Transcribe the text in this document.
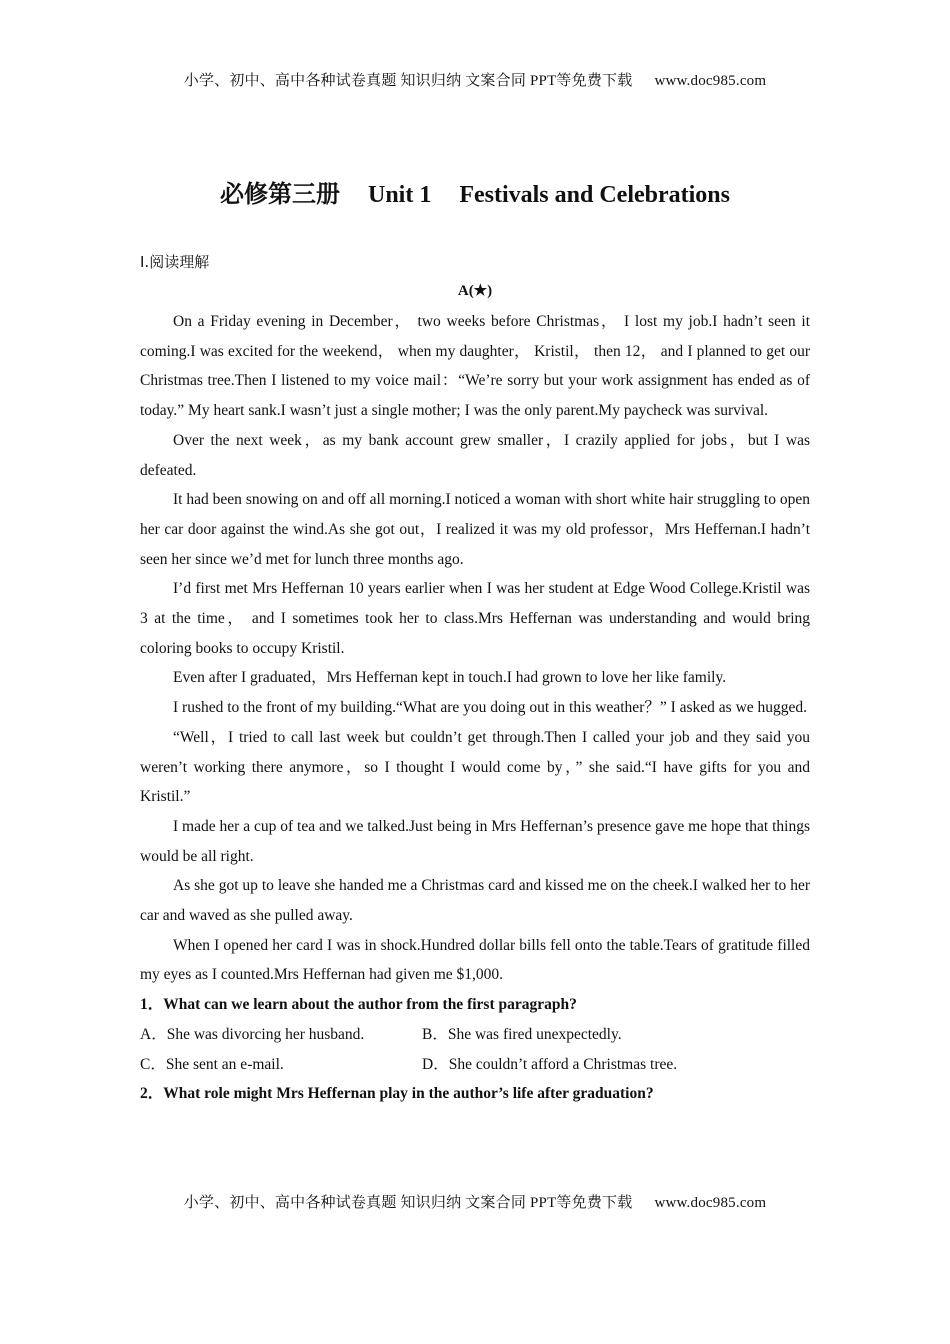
小学、初中、高中各种试卷真题 知识归纳 文案合同 PPT等免费下载 www.doc985.com
必修第三册 Unit 1 Festivals and Celebrations

Ⅰ.阅读理解

A(★)

On a Friday evening in December， two weeks before Christmas， I lost my job.I hadn’t seen it coming.I was excited for the weekend， when my daughter， Kristil， then 12， and I planned to get our Christmas tree.Then I listened to my voice mail：“We’re sorry but your work assignment has ended as of today.” My heart sank.I wasn’t just a single mother; I was the only parent.My paycheck was survival.

Over the next week，as my bank account grew smaller，I crazily applied for jobs，but I was defeated.

It had been snowing on and off all morning.I noticed a woman with short white hair struggling to open her car door against the wind.As she got out，I realized it was my old professor，Mrs Heffernan.I hadn’t seen her since we’d met for lunch three months ago.

I’d first met Mrs Heffernan 10 years earlier when I was her student at Edge Wood College.Kristil was 3 at the time， and I sometimes took her to class.Mrs Heffernan was understanding and would bring coloring books to occupy Kristil.

Even after I graduated，Mrs Heffernan kept in touch.I had grown to love her like family.

I rushed to the front of my building.“What are you doing out in this weather？” I asked as we hugged.

“Well，I tried to call last week but couldn’t get through.Then I called your job and they said you weren’t working there anymore，so I thought I would come by，” she said.“I have gifts for you and Kristil.”

I made her a cup of tea and we talked.Just being in Mrs Heffernan’s presence gave me hope that things would be all right.

As she got up to leave she handed me a Christmas card and kissed me on the cheek.I walked her to her car and waved as she pulled away.

When I opened her card I was in shock.Hundred dollar bills fell onto the table.Tears of gratitude filled my eyes as I counted.Mrs Heffernan had given me $1,000.

1．What can we learn about the author from the first paragraph?

A．She was divorcing her husband.	B．She was fired unexpectedly.
C．She sent an e-mail.	D．She couldn’t afford a Christmas tree.

2．What role might Mrs Heffernan play in the author’s life after graduation?

小学、初中、高中各种试卷真题 知识归纳 文案合同 PPT等免费下载 www.doc985.com
